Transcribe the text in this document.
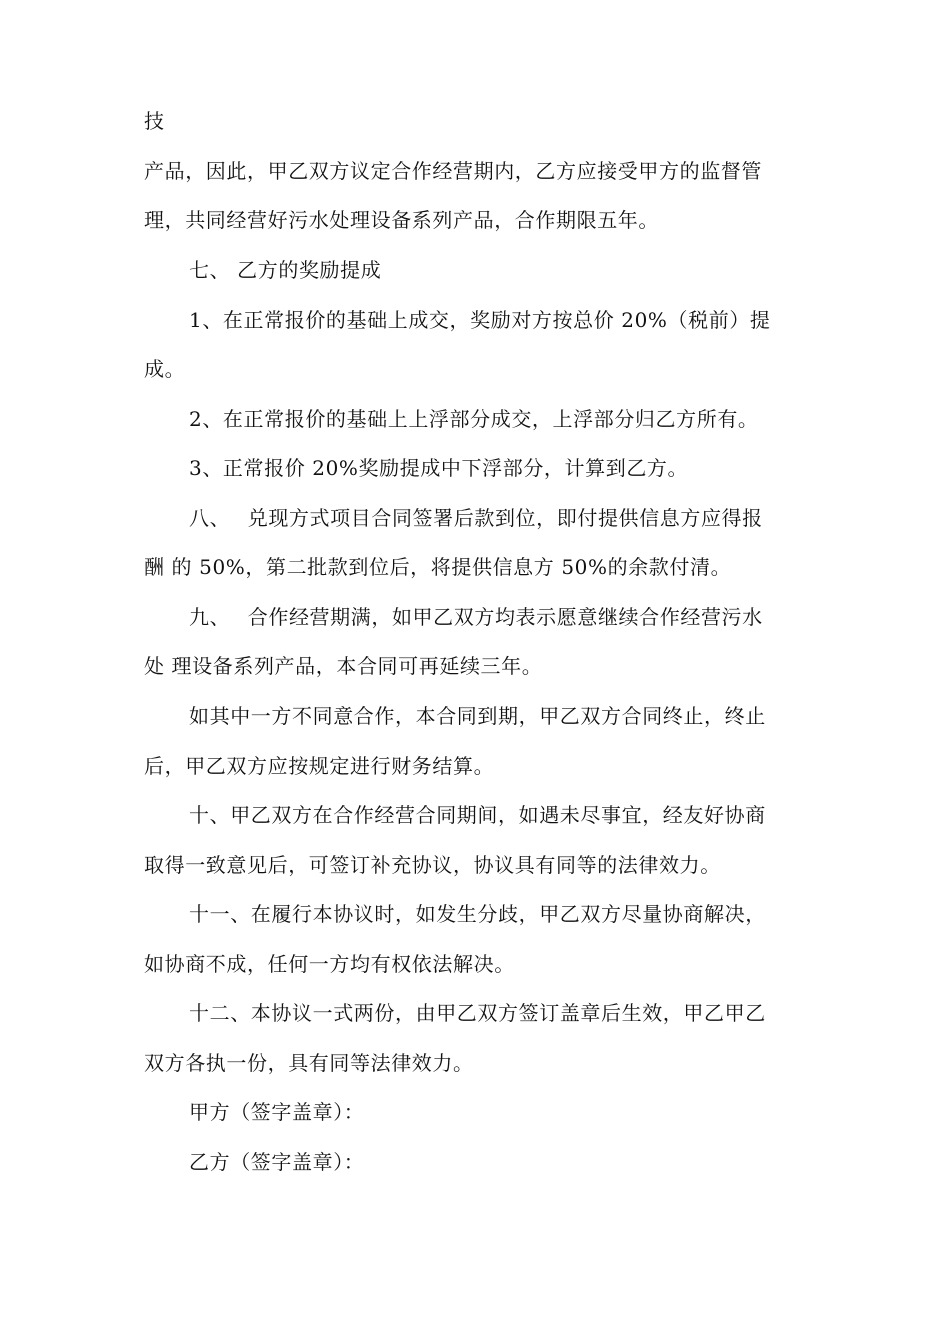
技
产品，因此，甲乙双方议定合作经营期内，乙方应接受甲方的监督管
理，共同经营好污水处理设备系列产品，合作期限五年。
七、 乙方的奖励提成
1、在正常报价的基础上成交，奖励对方按总价 20%（税前）提
成。
2、在正常报价的基础上上浮部分成交，上浮部分归乙方所有。
3、正常报价 20%奖励提成中下浮部分，计算到乙方。
八、　 兑现方式项目合同签署后款到位，即付提供信息方应得报
酬 的 50%，第二批款到位后，将提供信息方 50%的余款付清。
九、　 合作经营期满，如甲乙双方均表示愿意继续合作经营污水
处 理设备系列产品，本合同可再延续三年。
如其中一方不同意合作，本合同到期，甲乙双方合同终止，终止
后，甲乙双方应按规定进行财务结算。
十、甲乙双方在合作经营合同期间，如遇未尽事宜，经友好协商
取得一致意见后，可签订补充协议，协议具有同等的法律效力。
十一、在履行本协议时，如发生分歧，甲乙双方尽量协商解决，
如协商不成，任何一方均有权依法解决。
十二、本协议一式两份，由甲乙双方签订盖章后生效，甲乙甲乙
双方各执一份，具有同等法律效力。
甲方（签字盖章）：
乙方（签字盖章）：
